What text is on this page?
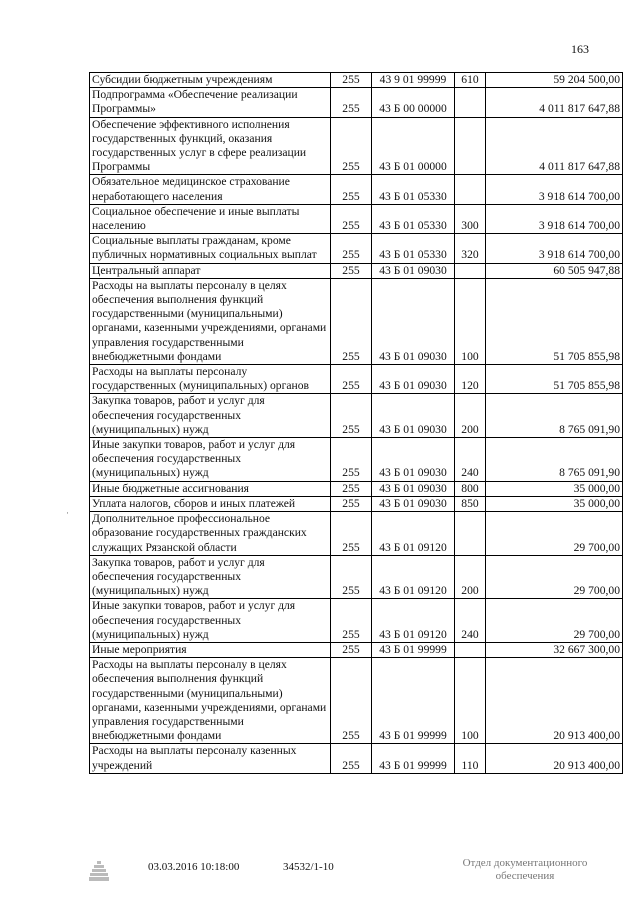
163
Субсидии бюджетным учреждениям	255	43 9 01 99999	610	59 204 500,00
Подпрограмма «Обеспечение реализации Программы»	255	43 Б 00 00000		4 011 817 647,88
Обеспечение эффективного исполнения государственных функций, оказания государственных услуг в сфере реализации Программы	255	43 Б 01 00000		4 011 817 647,88
Обязательное медицинское страхование неработающего населения	255	43 Б 01 05330		3 918 614 700,00
Социальное обеспечение и иные выплаты населению	255	43 Б 01 05330	300	3 918 614 700,00
Социальные выплаты гражданам, кроме публичных нормативных социальных выплат	255	43 Б 01 05330	320	3 918 614 700,00
Центральный аппарат	255	43 Б 01 09030		60 505 947,88
Расходы на выплаты персоналу в целях обеспечения выполнения функций государственными (муниципальными) органами, казенными учреждениями, органами управления государственными внебюджетными фондами	255	43 Б 01 09030	100	51 705 855,98
Расходы на выплаты персоналу государственных (муниципальных) органов	255	43 Б 01 09030	120	51 705 855,98
Закупка товаров, работ и услуг для обеспечения государственных (муниципальных) нужд	255	43 Б 01 09030	200	8 765 091,90
Иные закупки товаров, работ и услуг для обеспечения государственных (муниципальных) нужд	255	43 Б 01 09030	240	8 765 091,90
Иные бюджетные ассигнования	255	43 Б 01 09030	800	35 000,00
Уплата налогов, сборов и иных платежей	255	43 Б 01 09030	850	35 000,00
Дополнительное профессиональное образование государственных гражданских служащих Рязанской области	255	43 Б 01 09120		29 700,00
Закупка товаров, работ и услуг для обеспечения государственных (муниципальных) нужд	255	43 Б 01 09120	200	29 700,00
Иные закупки товаров, работ и услуг для обеспечения государственных (муниципальных) нужд	255	43 Б 01 09120	240	29 700,00
Иные мероприятия	255	43 Б 01 99999		32 667 300,00
Расходы на выплаты персоналу в целях обеспечения выполнения функций государственными (муниципальными) органами, казенными учреждениями, органами управления государственными внебюджетными фондами	255	43 Б 01 99999	100	20 913 400,00
Расходы на выплаты персоналу казенных учреждений	255	43 Б 01 99999	110	20 913 400,00
·
03.03.2016 10:18:00	34532/1-10	Отдел документационного обеспечения
